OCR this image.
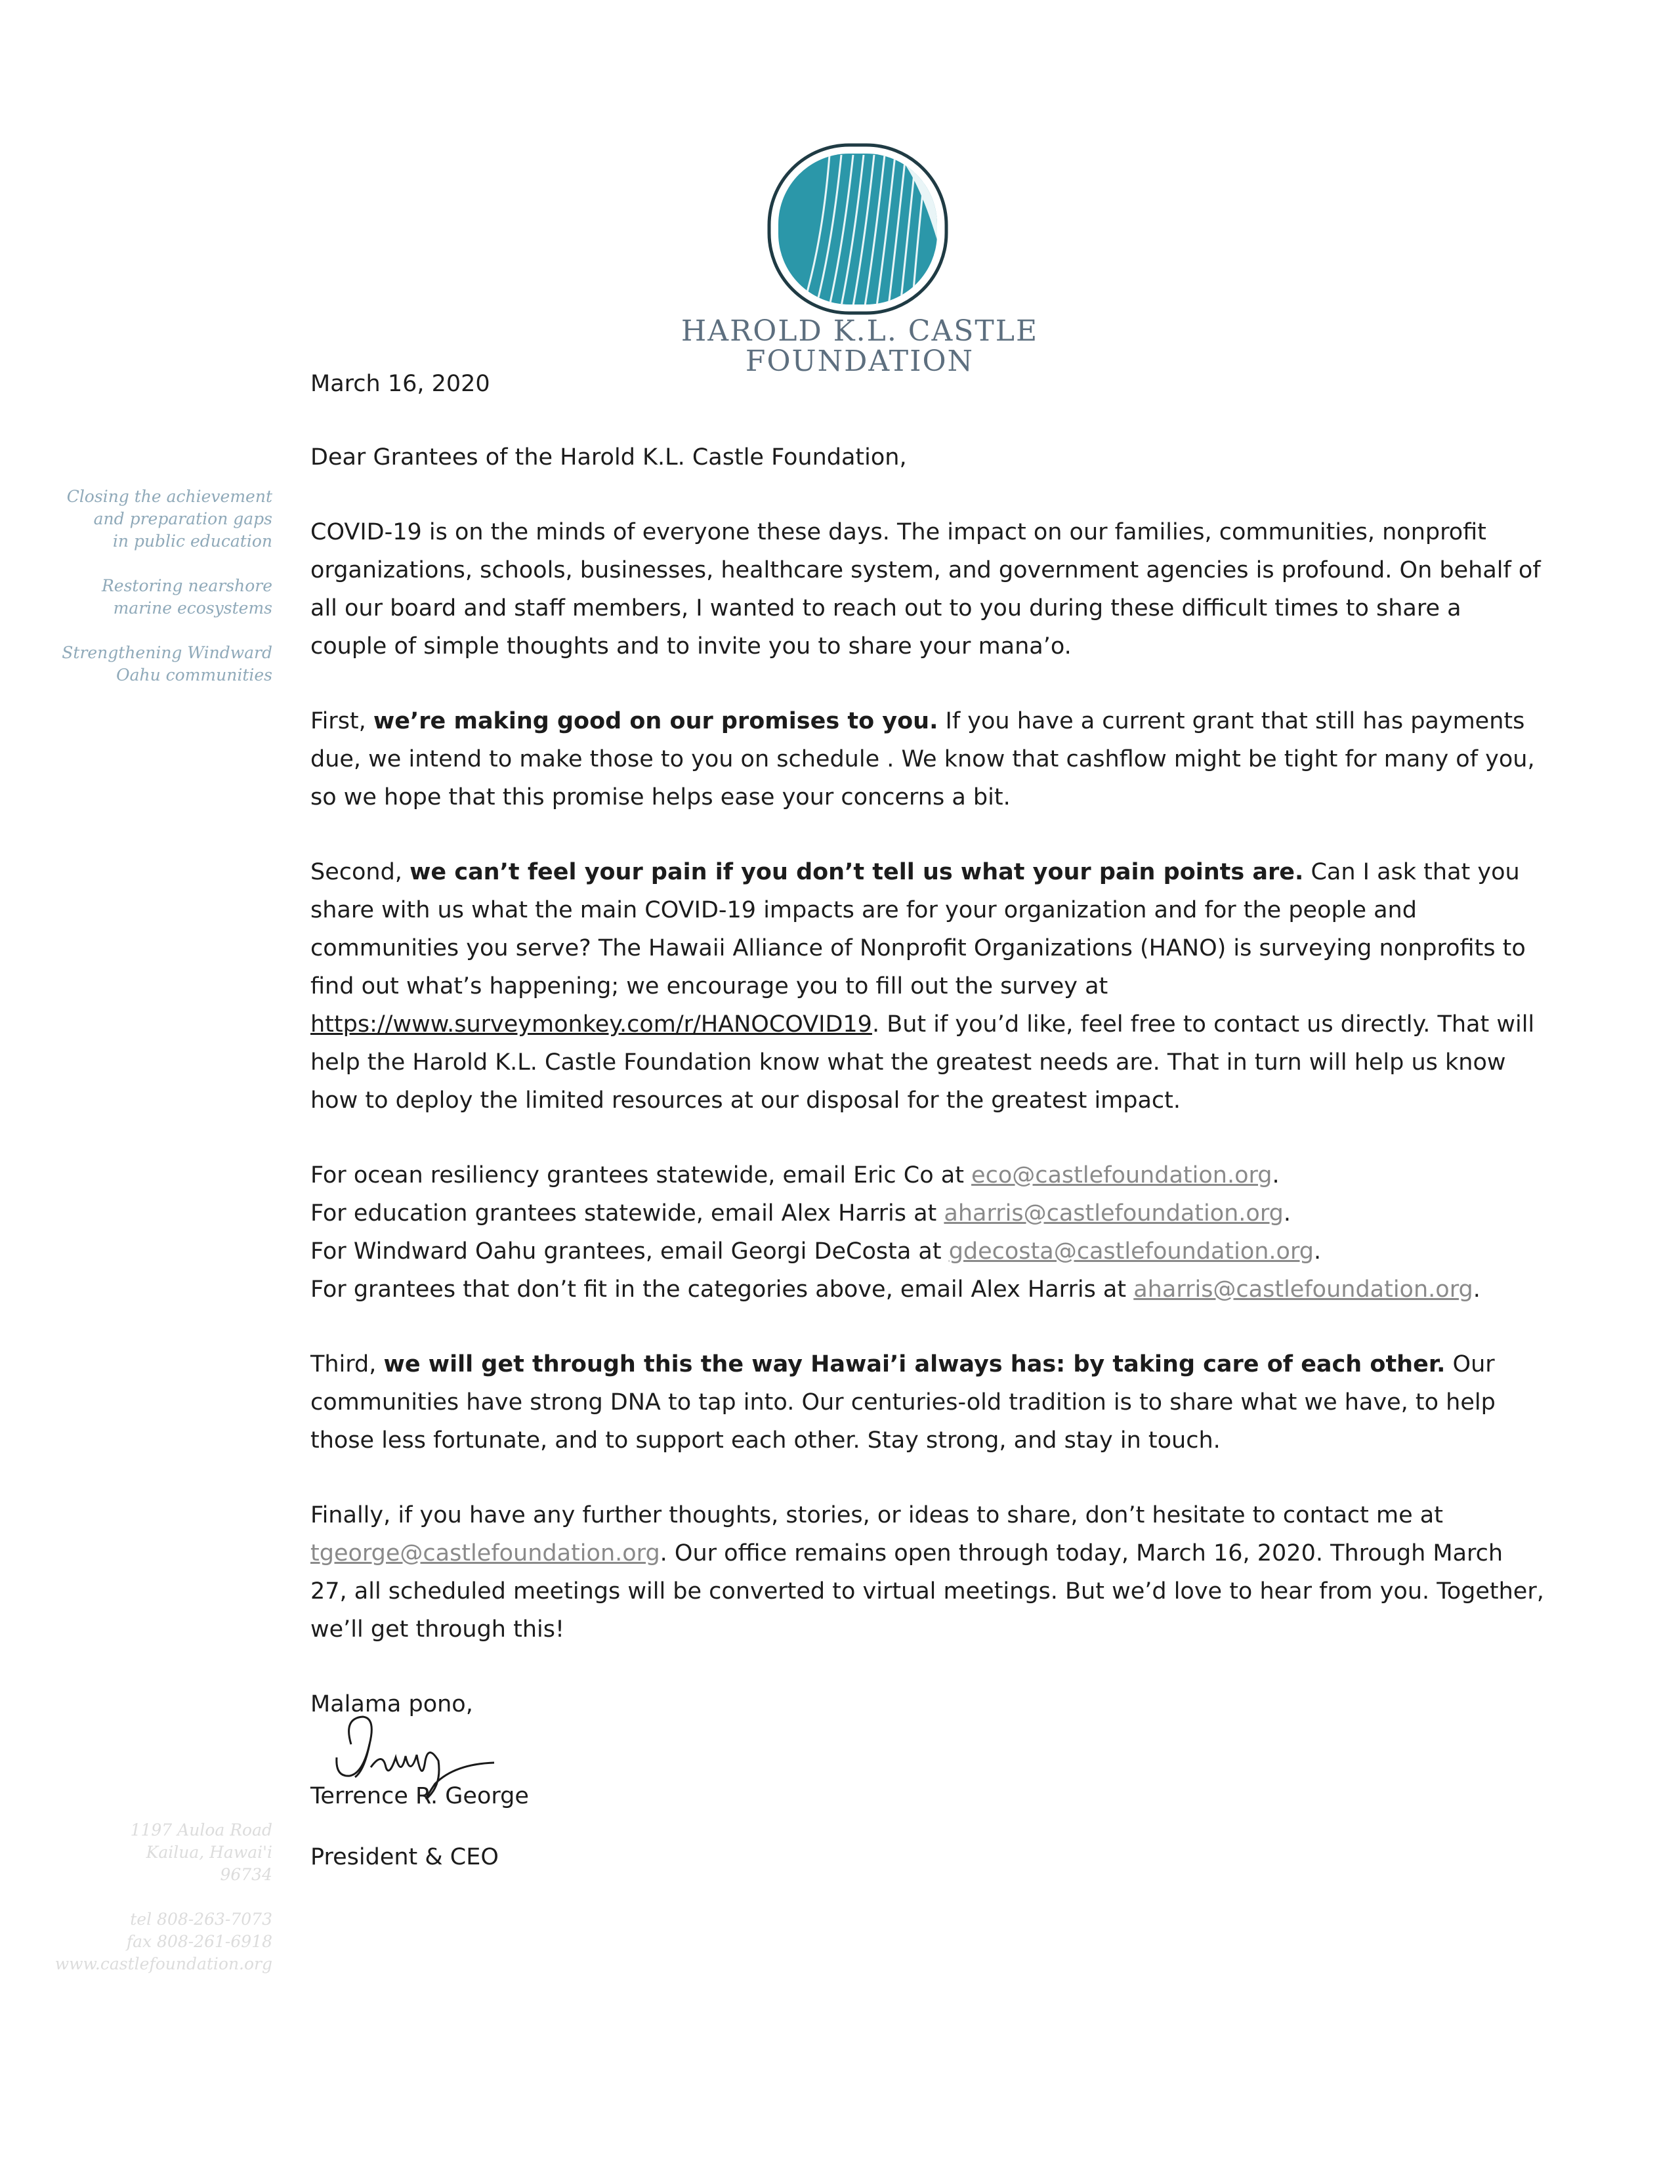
HAROLD K.L. CASTLE
FOUNDATION
Closing the achievement
and preparation gaps
in public education
Restoring nearshore
marine ecosystems
Strengthening Windward
Oahu communities
1197 Auloa Road
Kailua, Hawai'i
96734
tel 808-263-7073
fax 808-261-6918
www.castlefoundation.org

March 16, 2020

Dear Grantees of the Harold K.L. Castle Foundation,

COVID-19 is on the minds of everyone these days. The impact on our families, communities, nonprofit organizations, schools, businesses, healthcare system, and government agencies is profound. On behalf of all our board and staff members, I wanted to reach out to you during these difficult times to share a couple of simple thoughts and to invite you to share your mana’o.

First, we’re making good on our promises to you. If you have a current grant that still has payments due, we intend to make those to you on schedule . We know that cashflow might be tight for many of you, so we hope that this promise helps ease your concerns a bit.

Second, we can’t feel your pain if you don’t tell us what your pain points are. Can I ask that you share with us what the main COVID-19 impacts are for your organization and for the people and communities you serve? The Hawaii Alliance of Nonprofit Organizations (HANO) is surveying nonprofits to find out what’s happening; we encourage you to fill out the survey at https://www.surveymonkey.com/r/HANOCOVID19. But if you’d like, feel free to contact us directly. That will help the Harold K.L. Castle Foundation know what the greatest needs are. That in turn will help us know how to deploy the limited resources at our disposal for the greatest impact.

For ocean resiliency grantees statewide, email Eric Co at eco@castlefoundation.org.

For education grantees statewide, email Alex Harris at aharris@castlefoundation.org.

For Windward Oahu grantees, email Georgi DeCosta at gdecosta@castlefoundation.org.

For grantees that don’t fit in the categories above, email Alex Harris at aharris@castlefoundation.org.

Third, we will get through this the way Hawai’i always has: by taking care of each other. Our communities have strong DNA to tap into. Our centuries-old tradition is to share what we have, to help those less fortunate, and to support each other. Stay strong, and stay in touch.

Finally, if you have any further thoughts, stories, or ideas to share, don’t hesitate to contact me at tgeorge@castlefoundation.org. Our office remains open through today, March 16, 2020. Through March 27, all scheduled meetings will be converted to virtual meetings. But we’d love to hear from you. Together, we’ll get through this!

Malama pono,

Terrence R. George

President & CEO
